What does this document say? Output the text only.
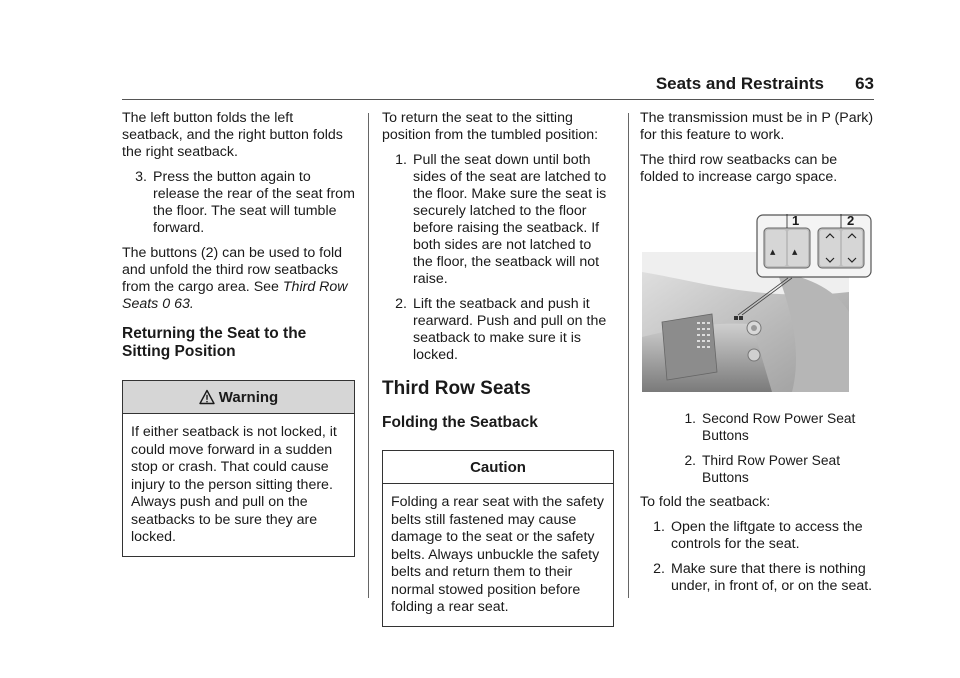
Seats and Restraints 63

The left button folds the left seatback, and the right button folds the right seatback.

3. Press the button again to release the rear of the seat from the floor. The seat will tumble forward.

The buttons (2) can be used to fold and unfold the third row seatbacks from the cargo area. See Third Row Seats 0 63.

Returning the Seat to the Sitting Position
Warning
If either seatback is not locked, it could move forward in a sudden stop or crash. That could cause injury to the person sitting there. Always push and pull on the seatbacks to be sure they are locked.

To return the seat to the sitting position from the tumbled position:

1. Pull the seat down until both sides of the seat are latched to the floor. Make sure the seat is securely latched to the floor before raising the seatback. If both sides are not latched to the floor, the seatback will not raise.
2. Lift the seatback and push it rearward. Push and pull on the seatback to make sure it is locked.
Third Row Seats
Folding the Seatback
Caution
Folding a rear seat with the safety belts still fastened may cause damage to the seat or the safety belts. Always unbuckle the safety belts and return them to their normal stowed position before folding a rear seat.

The transmission must be in P (Park) for this feature to work.

The third row seatbacks can be folded to increase cargo space.

▲ ▲
1	2
1. Second Row Power Seat Buttons
2. Third Row Power Seat Buttons

To fold the seatback:

1. Open the liftgate to access the controls for the seat.
2. Make sure that there is nothing under, in front of, or on the seat.
